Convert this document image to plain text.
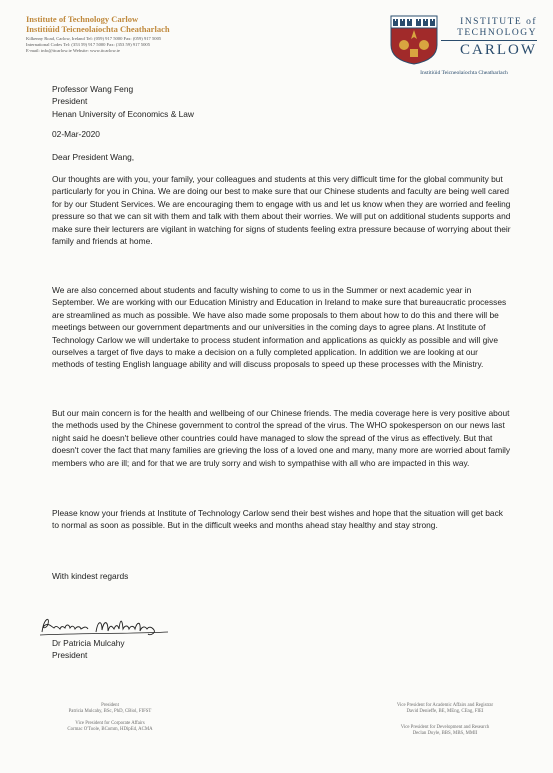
Institute of Technology Carlow
Institiúid Teicneolaíochta Cheatharlach
Kilkenny Road, Carlow, Ireland Tel: (059) 917 5000 Fax: (059) 917 5005
International Codes Tel: (353 59) 917 5000 Fax: (353 59) 917 5005
E-mail: info@itcarlow.ie Website: www.itcarlow.ie
INSTITUTE of
TECHNOLOGY
CARLOW
Institiúid Teicneolaíochta Cheatharlach

Professor Wang Feng

President

Henan University of Economics & Law

02-Mar-2020
Dear President Wang,
Our thoughts are with you, your family, your colleagues and students at this very difficult time for the global community but particularly for you in China. We are doing our best to make sure that our Chinese students and faculty are being well cared for by our Student Services. We are encouraging them to engage with us and let us know when they are worried and feeling pressure so that we can sit with them and talk with them about their worries. We will put on additional students supports and make sure their lecturers are vigilant in watching for signs of students feeling extra pressure because of worrying about their family and friends at home.
We are also concerned about students and faculty wishing to come to us in the Summer or next academic year in September. We are working with our Education Ministry and Education in Ireland to make sure that bureaucratic processes are streamlined as much as possible. We have also made some proposals to them about how to do this and there will be meetings between our government departments and our universities in the coming days to agree plans. At Institute of Technology Carlow we will undertake to process student information and applications as quickly as possible and will give ourselves a target of five days to make a decision on a fully completed application. In addition we are looking at our methods of testing English language ability and will discuss proposals to speed up these processes with the Ministry.
But our main concern is for the health and wellbeing of our Chinese friends. The media coverage here is very positive about the methods used by the Chinese government to control the spread of the virus. The WHO spokesperson on our news last night said he doesn't believe other countries could have managed to slow the spread of the virus as effectively. But that doesn't cover the fact that many families are grieving the loss of a loved one and many, many more are worried about family members who are ill; and for that we are truly sorry and wish to sympathise with all who are impacted in this way.
Please know your friends at Institute of Technology Carlow send their best wishes and hope that the situation will get back to normal as soon as possible. But in the difficult weeks and months ahead stay healthy and stay strong.
With kindest regards

Dr Patricia Mulcahy

President

President
Patricia Mulcahy, BSc, PhD, CBiol, FIFST
Vice President for Corporate Affairs
Cormac O'Toole, BComm, HDipEd, ACMA
Vice President for Academic Affairs and Registrar
David Denieffe, BE, MEng, CEng, FIEI
Vice President for Development and Research
Declan Doyle, BBS, MBS, MMII
